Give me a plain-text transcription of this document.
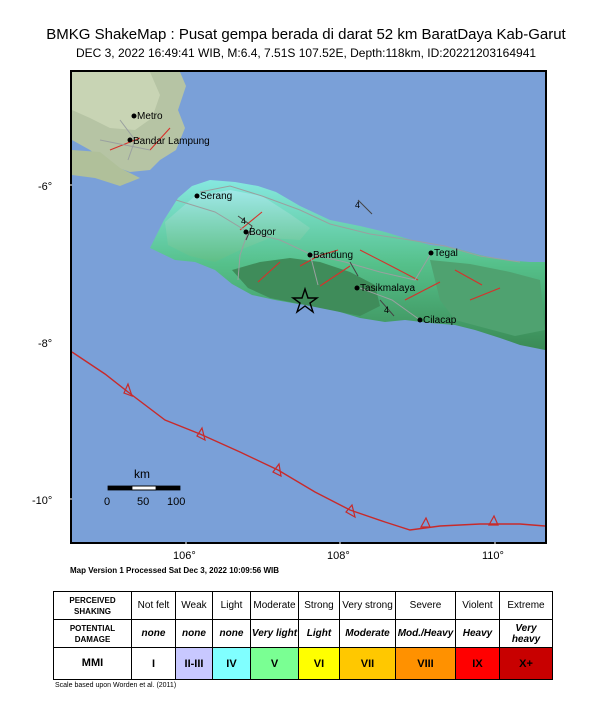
BMKG ShakeMap : Pusat gempa berada di darat 52 km BaratDaya Kab-Garut
DEC 3, 2022 16:49:41 WIB, M:6.4, 7.51S 107.52E, Depth:118km, ID:20221203164941
Metro
Bandar Lampung
Serang
Bogor
Bandung	Tegal
Tasikmalaya
Cilacap
4
4
4
km
0 50 100
-6°
-8°
-10°
106°	108°	110°
Map Version 1 Processed Sat Dec 3, 2022 10:09:56 WIB
PERCEIVED SHAKING	Not felt	Weak	Light	Moderate	Strong	Very strong	Severe	Violent	Extreme
POTENTIAL DAMAGE	none	none	none	Very light	Light	Moderate	Mod./Heavy	Heavy	Very heavy
MMI	I	II-III	IV	V	VI	VII	VIII	IX	X+
Scale based upon Worden et al. (2011)
